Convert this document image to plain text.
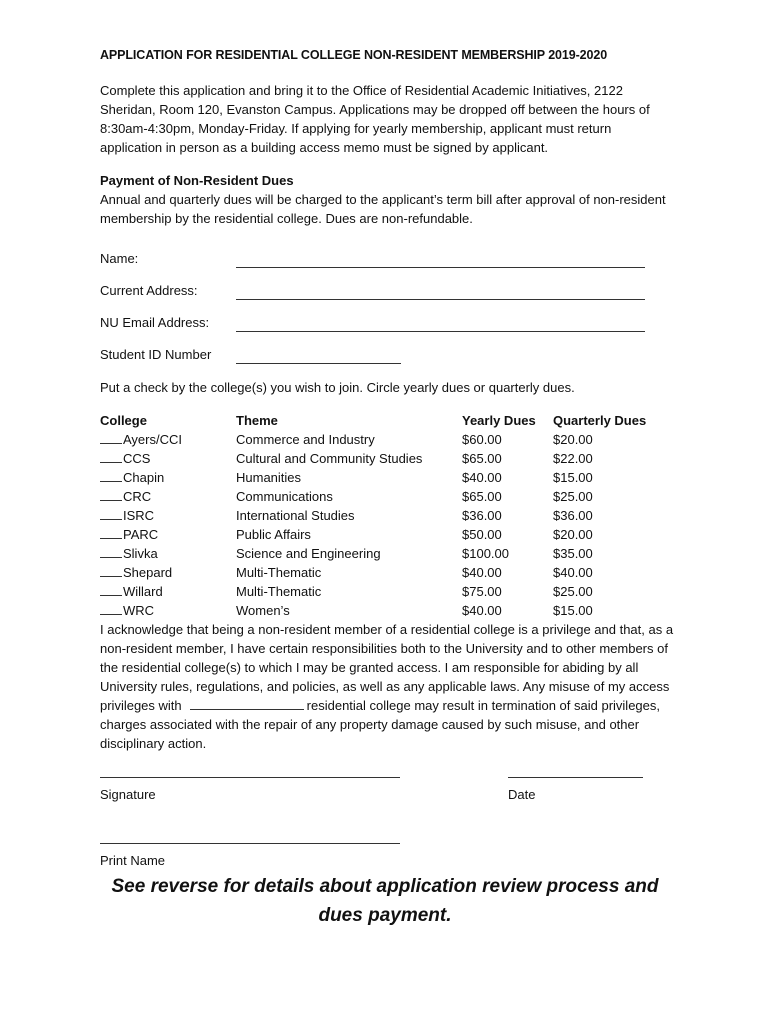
APPLICATION FOR RESIDENTIAL COLLEGE NON-RESIDENT MEMBERSHIP 2019-2020

Complete this application and bring it to the Office of Residential Academic Initiatives, 2122 Sheridan, Room 120, Evanston Campus. Applications may be dropped off between the hours of 8:30am-4:30pm, Monday-Friday. If applying for yearly membership, applicant must return application in person as a building access memo must be signed by applicant.

Payment of Non-Resident Dues
Annual and quarterly dues will be charged to the applicant’s term bill after approval of non-resident membership by the residential college. Dues are non-refundable.
Name:
Current Address:
NU Email Address:
Student ID Number

Put a check by the college(s) you wish to join. Circle yearly dues or quarterly dues.

College	Theme	Yearly Dues	Quarterly Dues
Ayers/CCI	Commerce and Industry	$60.00	$20.00
CCS	Cultural and Community Studies	$65.00	$22.00
Chapin	Humanities	$40.00	$15.00
CRC	Communications	$65.00	$25.00
ISRC	International Studies	$36.00	$36.00
PARC	Public Affairs	$50.00	$20.00
Slivka	Science and Engineering	$100.00	$35.00
Shepard	Multi-Thematic	$40.00	$40.00
Willard	Multi-Thematic	$75.00	$25.00
WRC	Women’s	$40.00	$15.00

I acknowledge that being a non-resident member of a residential college is a privilege and that, as a non-resident member, I have certain responsibilities both to the University and to other members of the residential college(s) to which I may be granted access. I am responsible for abiding by all University rules, regulations, and policies, as well as any applicable laws. Any misuse of my access privileges with	residential college may result in termination of said privileges, charges associated with the repair of any property damage caused by such misuse, and other disciplinary action.

Signature	Date
Print Name
See reverse for details about application review process and dues payment.
